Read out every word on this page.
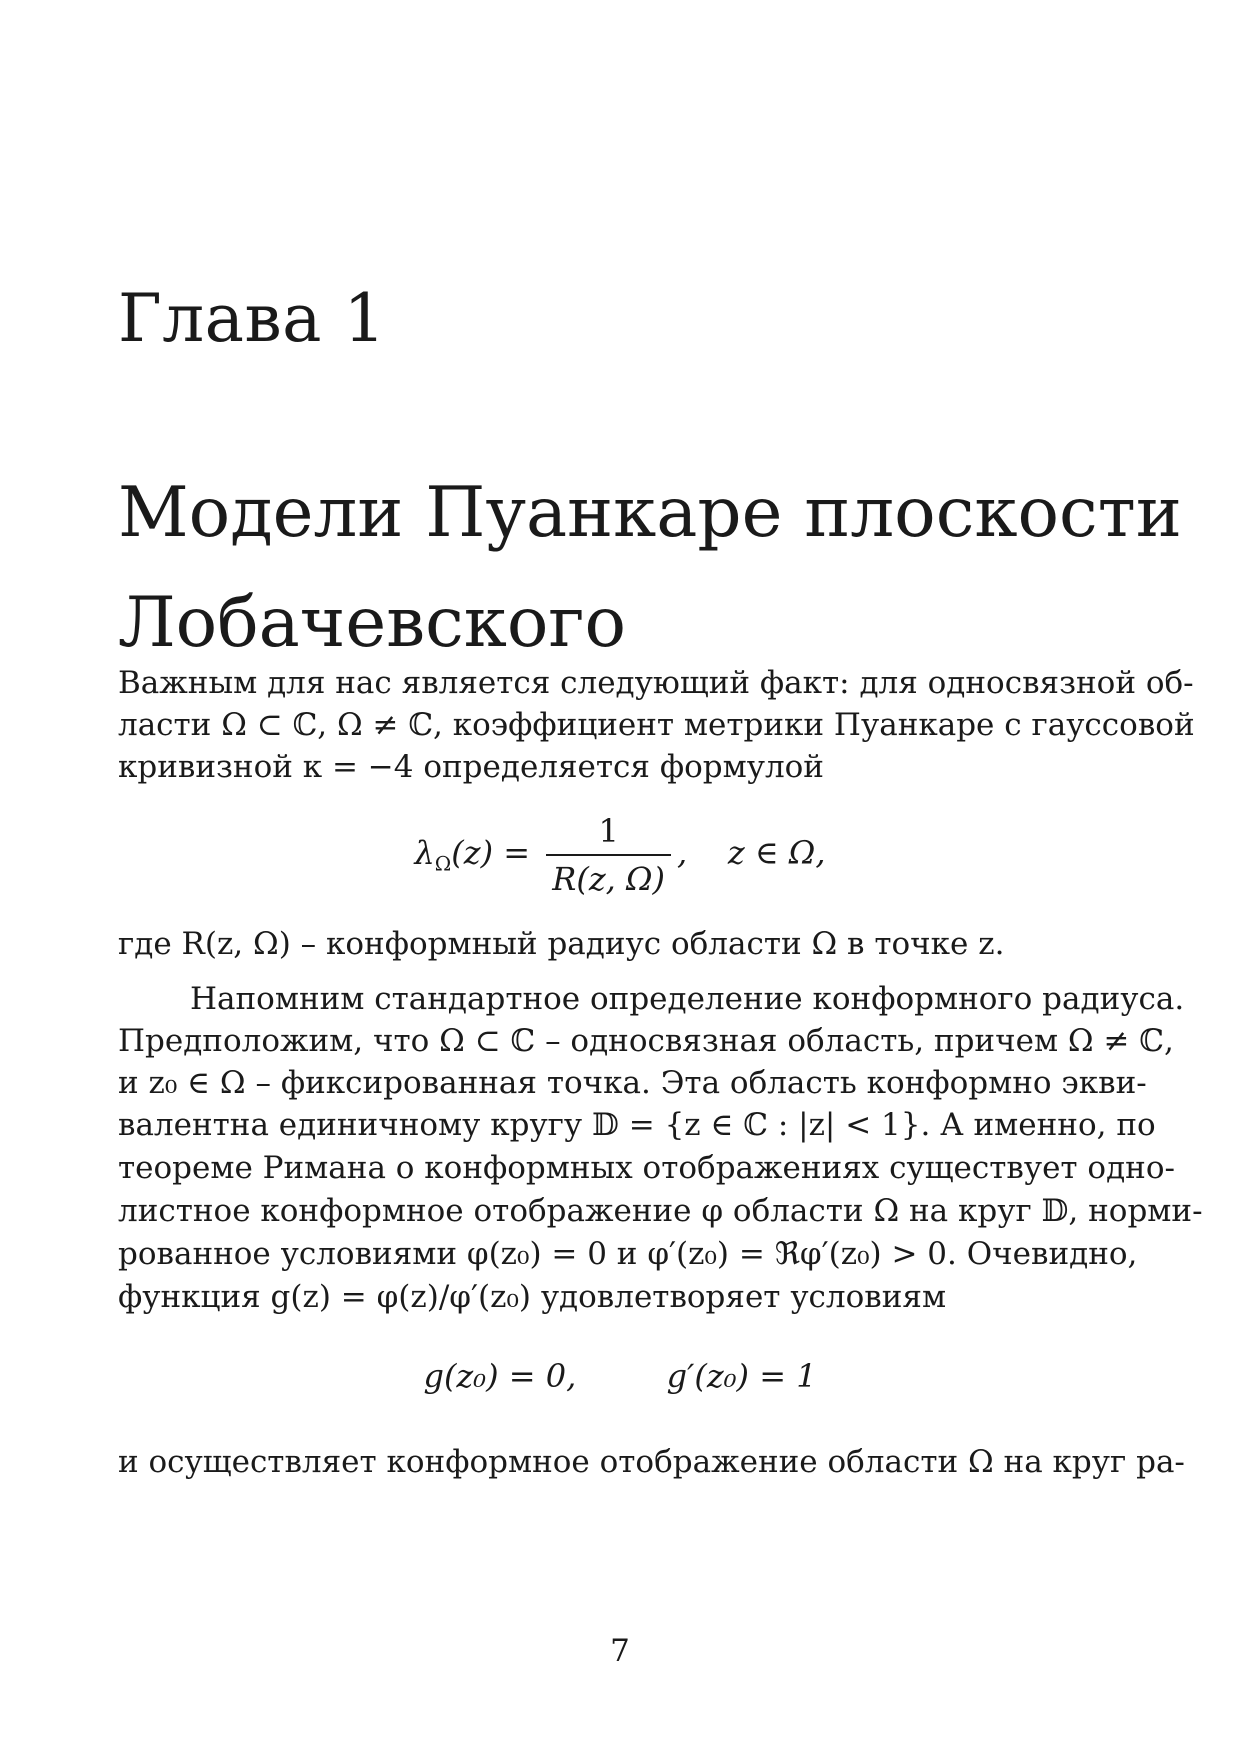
Глава 1
Модели Пуанкаре плоскости
Лобачевского
Важным для нас является следующий факт: для односвязной об-
ласти Ω ⊂ ℂ, Ω ≠ ℂ, коэффициент метрики Пуанкаре с гауссовой
кривизной κ = −4 определяется формулой
$\lambda_\Omega(z) = \frac{1}{R(z, \Omega)}$ ,    z ∈ Ω,
где R(z, Ω) – конформный радиус области Ω в точке z.
Напомним стандартное определение конформного радиуса.
Предположим, что Ω ⊂ ℂ – односвязная область, причем Ω ≠ ℂ,
и z₀ ∈ Ω – фиксированная точка. Эта область конформно экви-
валентна единичному кругу 𝔻 = {z ∈ ℂ : |z| < 1}. А именно, по
теореме Римана о конформных отображениях существует одно-
листное конформное отображение φ области Ω на круг 𝔻, норми-
рованное условиями φ(z₀) = 0 и φ′(z₀) = ℜφ′(z₀) > 0. Очевидно,
функция g(z) = φ(z)/φ′(z₀) удовлетворяет условиям
g(z₀) = 0,	g′(z₀) = 1
и осуществляет конформное отображение области Ω на круг ра-
7
